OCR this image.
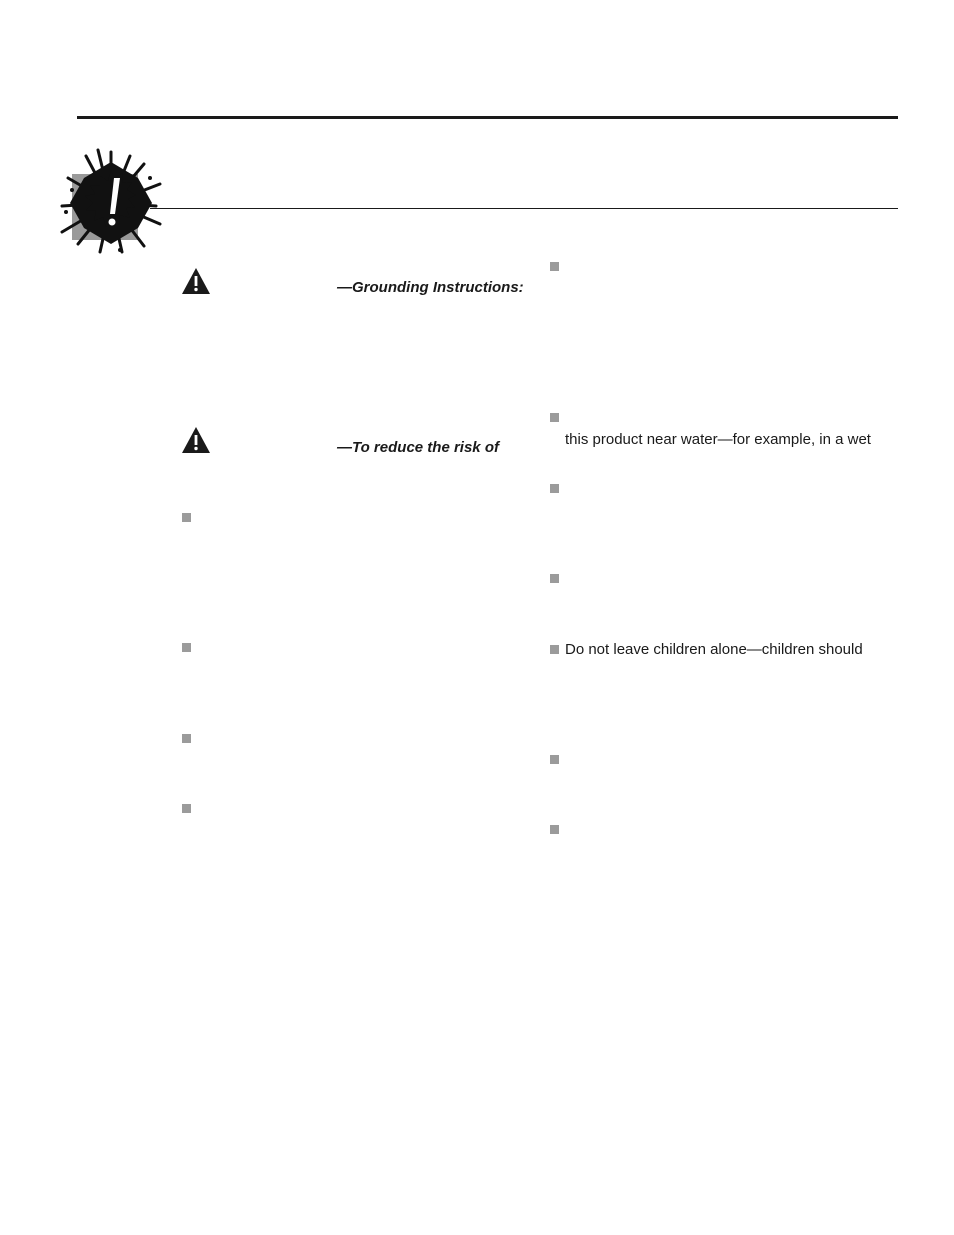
—Grounding Instructions:
—To reduce the risk of	this product near water—for example, in a wet
Do not leave children alone—children should
